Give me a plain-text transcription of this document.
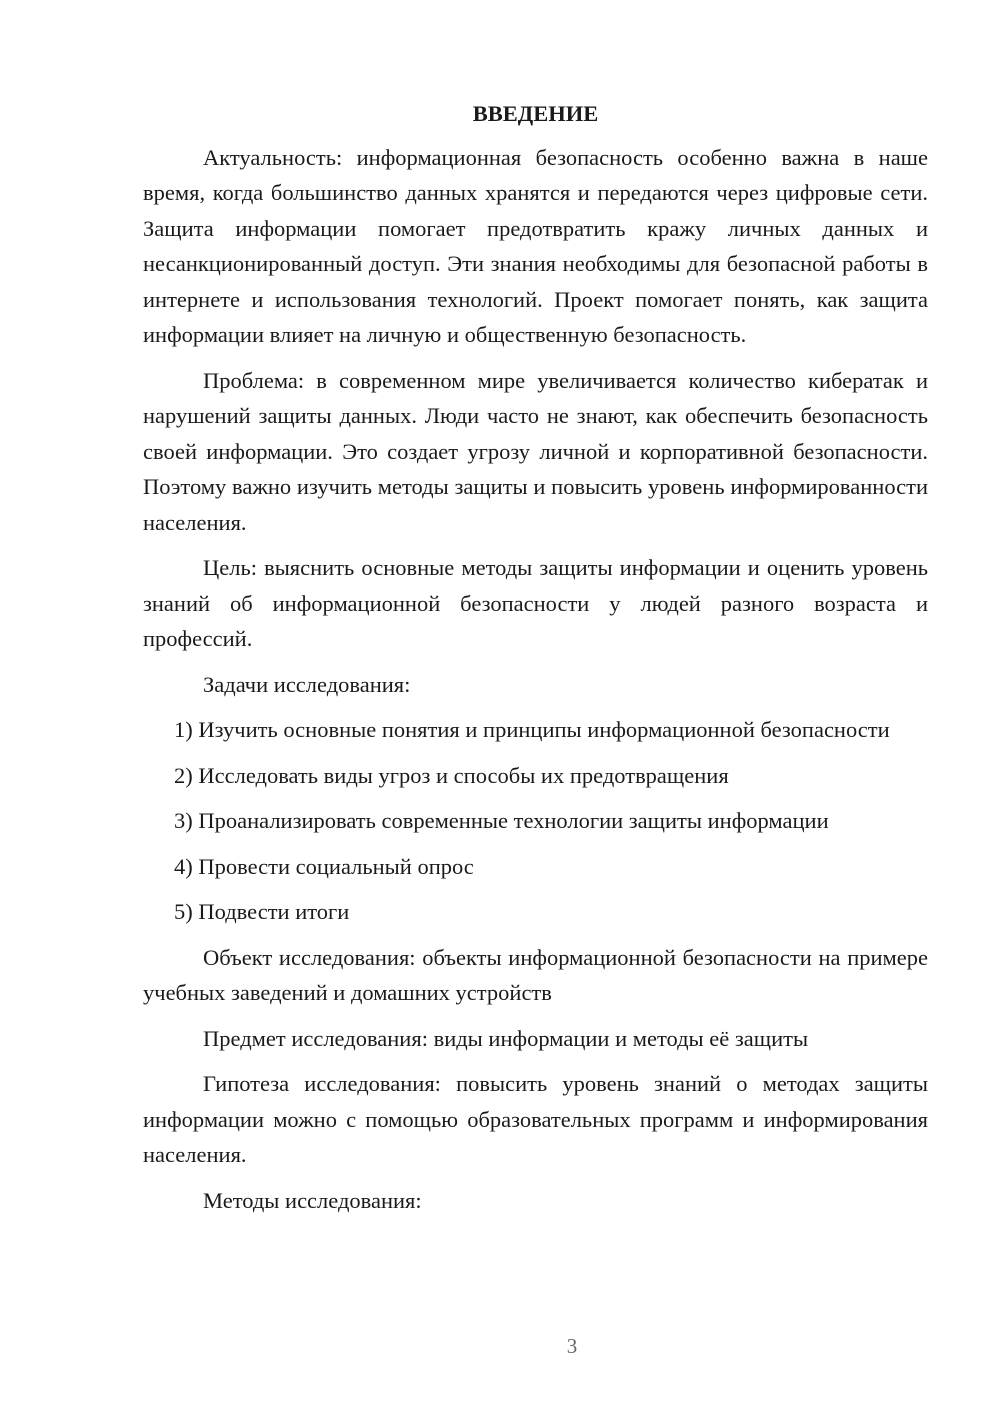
ВВЕДЕНИЕ

Актуальность: информационная безопасность особенно важна в наше время, когда большинство данных хранятся и передаются через цифровые сети. Защита информации помогает предотвратить кражу личных данных и несанкционированный доступ. Эти знания необходимы для безопасной работы в интернете и использования технологий. Проект помогает понять, как защита информации влияет на личную и общественную безопасность.

Проблема: в современном мире увеличивается количество кибератак и нарушений защиты данных. Люди часто не знают, как обеспечить безопасность своей информации. Это создает угрозу личной и корпоративной безопасности. Поэтому важно изучить методы защиты и повысить уровень информированности населения.

Цель: выяснить основные методы защиты информации и оценить уровень знаний об информационной безопасности у людей разного возраста и профессий.

Задачи исследования:

1) Изучить основные понятия и принципы информационной безопасности

2) Исследовать виды угроз и способы их предотвращения

3) Проанализировать современные технологии защиты информации

4) Провести социальный опрос

5) Подвести итоги

Объект исследования: объекты информационной безопасности на примере учебных заведений и домашних устройств

Предмет исследования: виды информации и методы её защиты

Гипотеза исследования: повысить уровень знаний о методах защиты информации можно с помощью образовательных программ и информирования населения.

Методы исследования:

3
